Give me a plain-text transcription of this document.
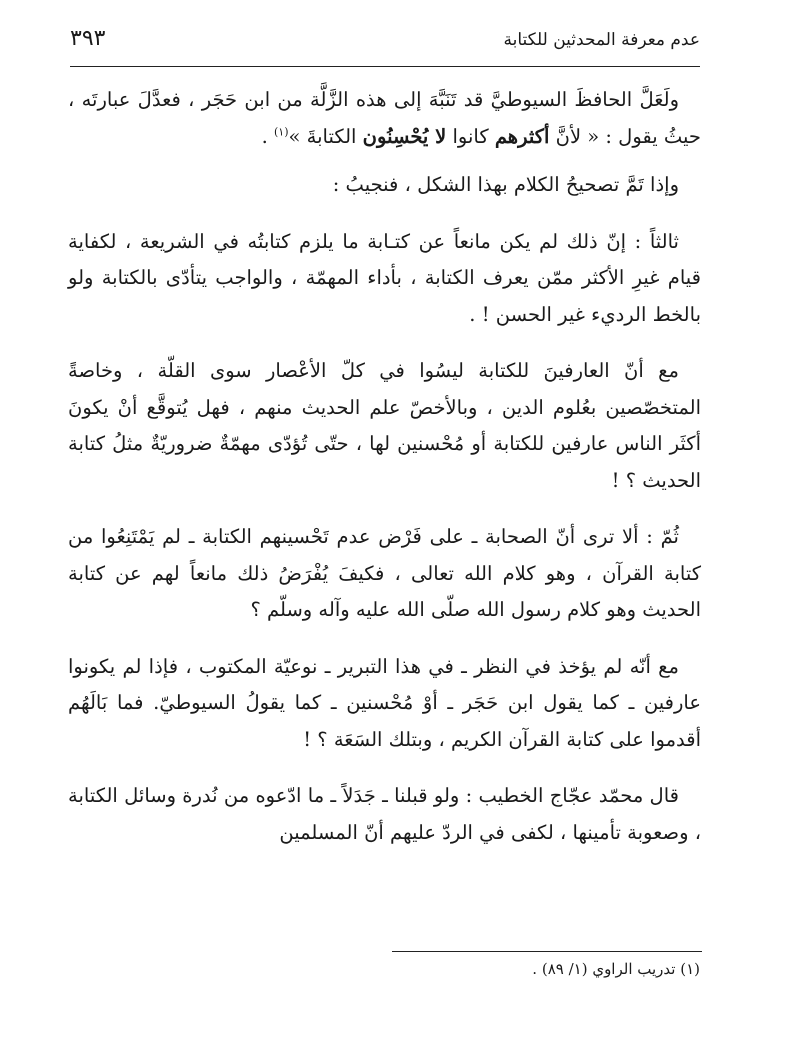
عدم معرفة المحدثين للكتابة
٣٩٣

ولَعَلَّ الحافظَ السيوطيَّ قد تَنَبَّهَ إلى هذه الزَّلَّة من ابن حَجَر ، فعدَّلَ عبارتَه ، حيثُ يقول : « لأنَّ أكثرهم كانوا لا يُحْسِنُون الكتابةَ »$^{(١)}$ .

وإذا تَمَّ تصحيحُ الكلام بهذا الشكل ، فنجيبُ :

ثالثاً : إنّ ذلك لم يكن مانعاً عن كتـابة ما يلزم كتابتُه في الشريعة ، لكفاية قيام غيرِ الأكثر ممّن يعرف الكتابة ، بأداء المهمّة ، والواجب يتأدّى بالكتابة ولو بالخط الرديء غير الحسن ! .

مع أنّ العارفينَ للكتابة ليسُوا في كلّ الأعْصار سوى القلّة ، وخاصةً المتخصّصين بعُلوم الدين ، وبالأخصّ علم الحديث منهم ، فهل يُتوقَّع أنْ يكونَ أكثَر الناس عارفين للكتابة أو مُحْسنين لها ، حتّى تُؤدّى مهمّةٌ ضروريّةٌ مثلُ كتابة الحديث ؟ !

ثُمّ : ألا ترى أنّ الصحابة ـ على فَرْض عدم تَحْسينهم الكتابة ـ لم يَمْتَنِعُوا من كتابة القرآن ، وهو كلام الله تعالى ، فكيفَ يُفْرَضُ ذلك مانعاً لهم عن كتابة الحديث وهو كلام رسول الله صلّى الله عليه وآله وسلّم ؟

مع أنّه لم يؤخذ في النظر ـ في هذا التبرير ـ نوعيّة المكتوب ، فإذا لم يكونوا عارفين ـ كما يقول ابن حَجَر ـ أوْ مُحْسنين ـ كما يقولُ السيوطيّ. فما بَالَهُم أقدموا على كتابة القرآن الكريم ، وبتلك السَعَة ؟ !

قال محمّد عجّاج الخطيب : ولو قبلنا ـ جَدَلاً ـ ما ادّعوه من نُدرة وسائل الكتابة ، وصعوبة تأمينها ، لكفى في الردّ عليهم أنّ المسلمين

(١) تدريب الراوي (١/ ٨٩) .
